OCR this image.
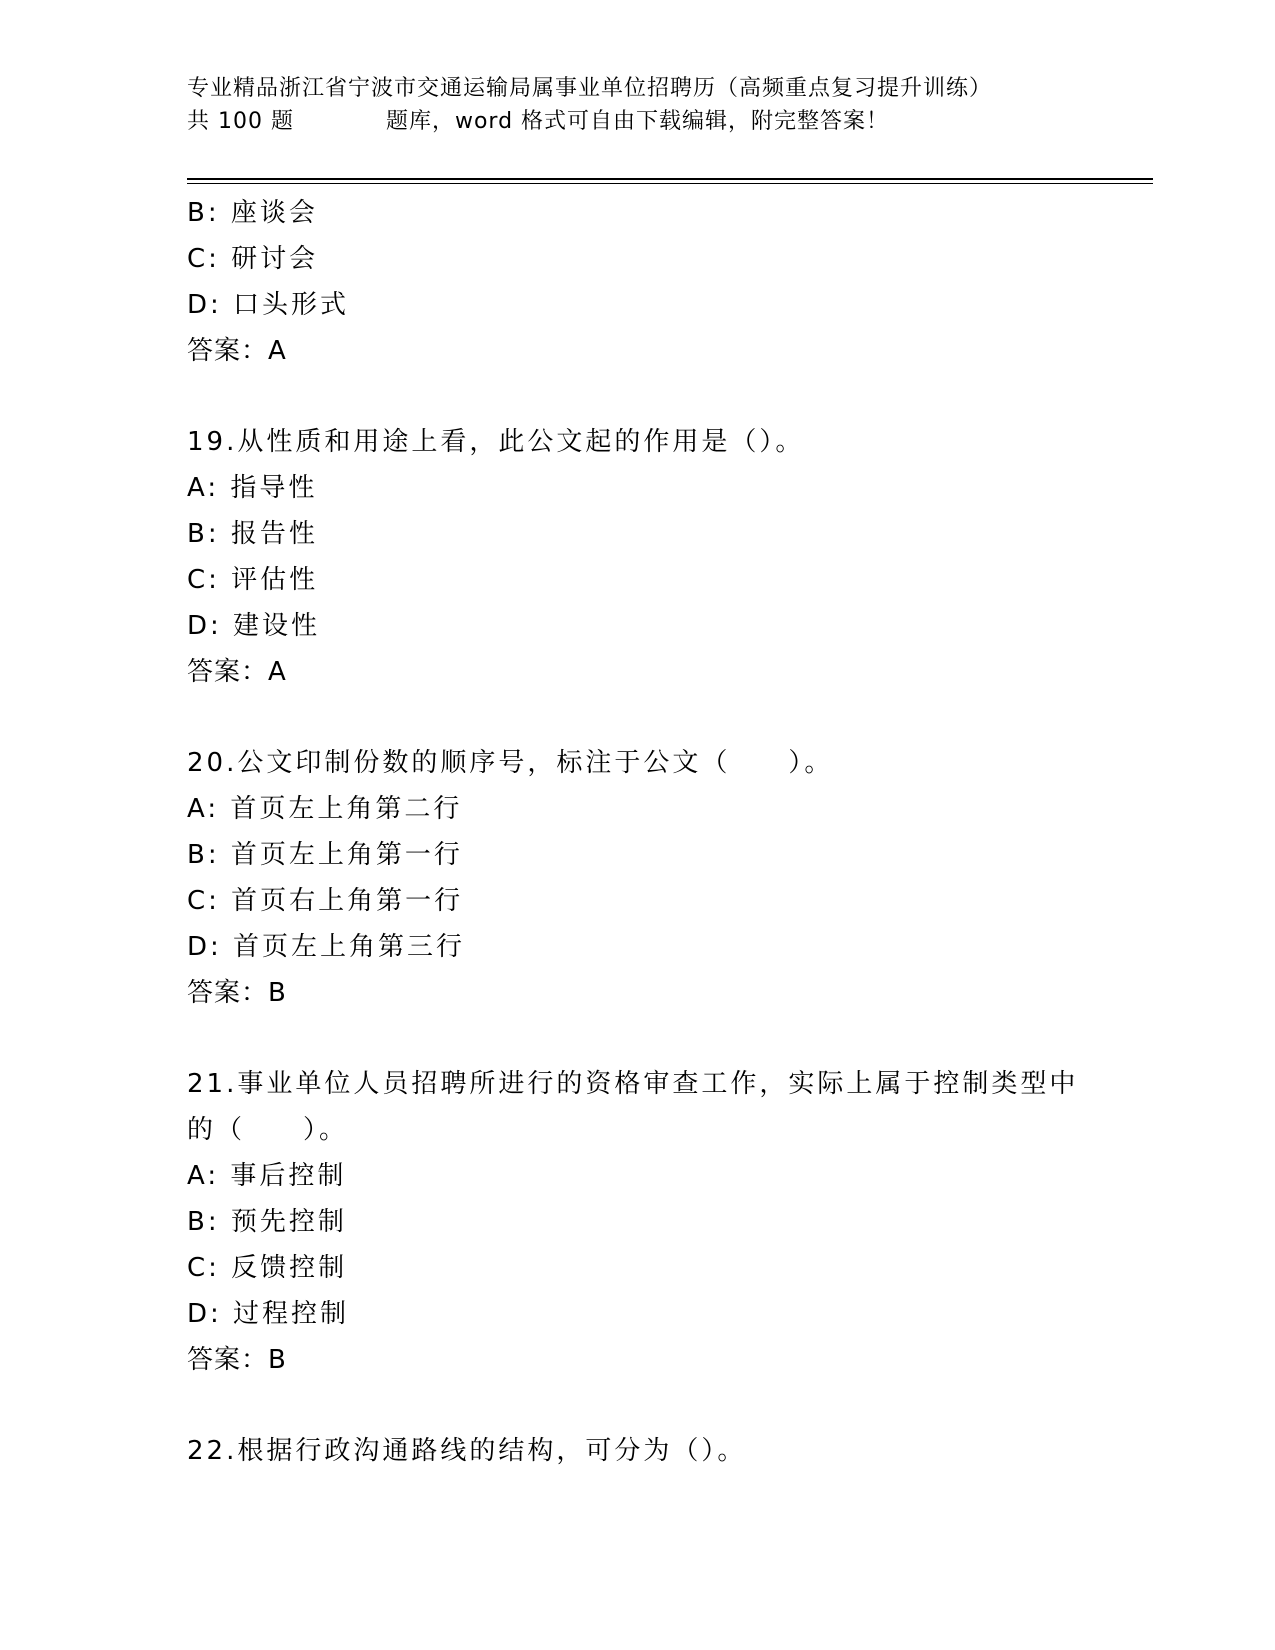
专业精品浙江省宁波市交通运输局属事业单位招聘历（高频重点复习提升训练）
共 100 题　　　　题库，word 格式可自由下载编辑，附完整答案！
B: 座谈会
C: 研讨会
D: 口头形式
答案：A
19.从性质和用途上看，此公文起的作用是（）。
A: 指导性
B: 报告性
C: 评估性
D: 建设性
答案：A
20.公文印制份数的顺序号，标注于公文（　　）。
A: 首页左上角第二行
B: 首页左上角第一行
C: 首页右上角第一行
D: 首页左上角第三行
答案：B
21.事业单位人员招聘所进行的资格审查工作，实际上属于控制类型中
的（　　）。
A: 事后控制
B: 预先控制
C: 反馈控制
D: 过程控制
答案：B
22.根据行政沟通路线的结构，可分为（）。
